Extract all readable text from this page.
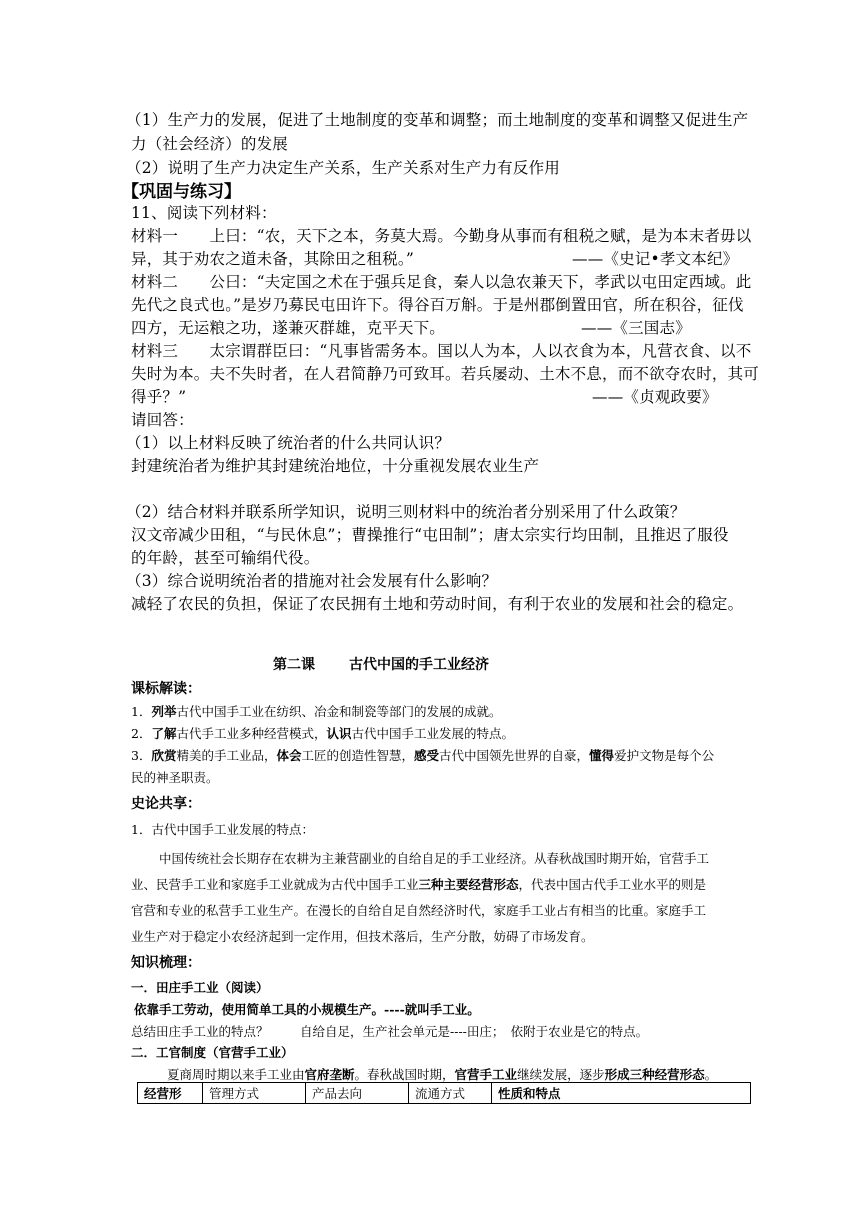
（1）生产力的发展，促进了土地制度的变革和调整；而土地制度的变革和调整又促进生产
力（社会经济）的发展
（2）说明了生产力决定生产关系，生产关系对生产力有反作用
【巩固与练习】
11、阅读下列材料：
材料一　　上曰：“农，天下之本，务莫大焉。今勤身从事而有租税之赋，是为本末者毋以
异，其于劝农之道未备，其除田之租税。”	——《史记•孝文本纪》
材料二　　公曰：“夫定国之术在于强兵足食，秦人以急农兼天下，孝武以屯田定西域。此
先代之良式也。”是岁乃募民屯田许下。得谷百万斛。于是州郡倒置田官，所在积谷，征伐
四方，无运粮之功，遂兼灭群雄，克平天下。	——《三国志》
材料三　　太宗谓群臣曰：“凡事皆需务本。国以人为本，人以衣食为本，凡营衣食、以不
失时为本。夫不失时者，在人君简静乃可致耳。若兵屡动、土木不息，而不欲夺农时，其可
得乎？”	——《贞观政要》
请回答：
（1）以上材料反映了统治者的什么共同认识？
封建统治者为维护其封建统治地位，十分重视发展农业生产
（2）结合材料并联系所学知识，说明三则材料中的统治者分别采用了什么政策？
汉文帝减少田租，“与民休息”；曹操推行“屯田制”；唐太宗实行均田制，且推迟了服役
的年龄，甚至可输绢代役。
（3）综合说明统治者的措施对社会发展有什么影响？
减轻了农民的负担，保证了农民拥有土地和劳动时间，有利于农业的发展和社会的稳定。
第二课 古代中国的手工业经济
课标解读：
1．列举古代中国手工业在纺织、冶金和制瓷等部门的发展的成就。
2．了解古代手工业多种经营模式，认识古代中国手工业发展的特点。
3．欣赏精美的手工业品，体会工匠的创造性智慧，感受古代中国领先世界的自豪，懂得爱护文物是每个公
民的神圣职责。
史论共享：
1．古代中国手工业发展的特点：
中国传统社会长期存在农耕为主兼营副业的自给自足的手工业经济。从春秋战国时期开始，官营手工
业、民营手工业和家庭手工业就成为古代中国手工业三种主要经营形态，代表中国古代手工业水平的则是
官营和专业的私营手工业生产。在漫长的自给自足自然经济时代，家庭手工业占有相当的比重。家庭手工
业生产对于稳定小农经济起到一定作用，但技术落后，生产分散，妨碍了市场发育。
知识梳理：
一．田庄手工业（阅读）
依靠手工劳动，使用简单工具的小规模生产。----就叫手工业。
总结田庄手工业的特点？	自给自足，生产社会单元是----田庄；　依附于农业是它的特点。
二．工官制度（官营手工业）
夏商周时期以来手工业由官府垄断。春秋战国时期，官营手工业继续发展，逐步形成三种经营形态。
经营形	管理方式	产品去向	流通方式	性质和特点
